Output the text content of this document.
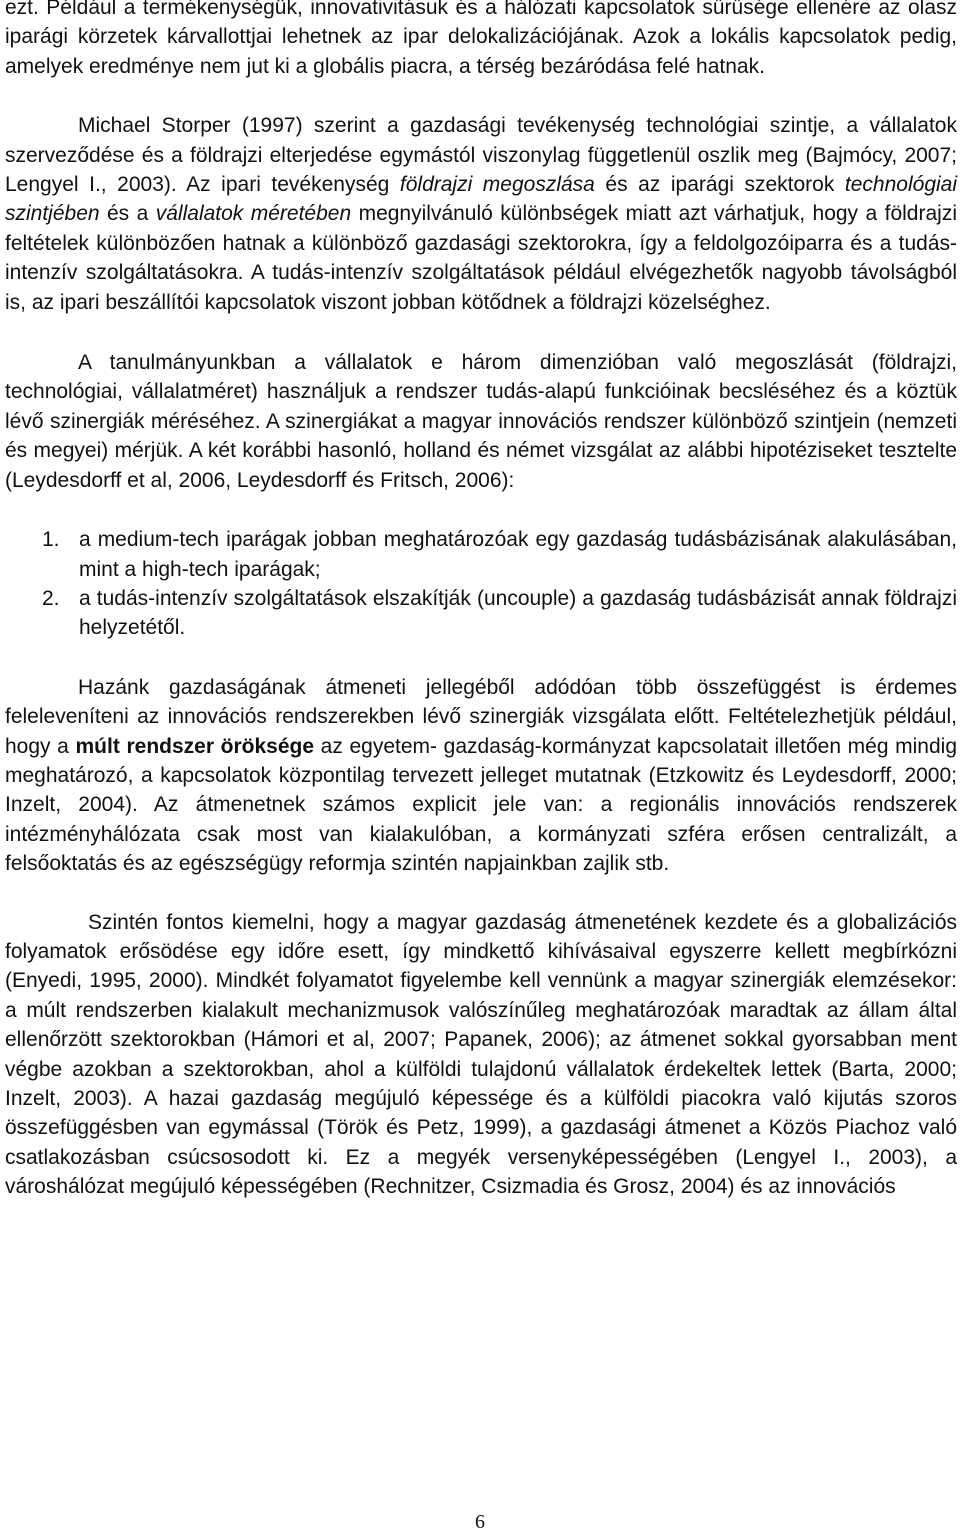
ezt. Például a termékenységük, innovativitásuk és a hálózati kapcsolatok sűrűsége ellenére az olasz iparági körzetek kárvallottjai lehetnek az ipar delokalizációjának. Azok a lokális kapcsolatok pedig, amelyek eredménye nem jut ki a globális piacra, a térség bezáródása felé hatnak.

Michael Storper (1997) szerint a gazdasági tevékenység technológiai szintje, a vállalatok szerveződése és a földrajzi elterjedése egymástól viszonylag függetlenül oszlik meg (Bajmócy, 2007; Lengyel I., 2003). Az ipari tevékenység földrajzi megoszlása és az iparági szektorok technológiai szintjében és a vállalatok méretében megnyilvánuló különbségek miatt azt várhatjuk, hogy a földrajzi feltételek különbözően hatnak a különböző gazdasági szektorokra, így a feldolgozóiparra és a tudás-intenzív szolgáltatásokra. A tudás-intenzív szolgáltatások például elvégezhetők nagyobb távolságból is, az ipari beszállítói kapcsolatok viszont jobban kötődnek a földrajzi közelséghez.

A tanulmányunkban a vállalatok e három dimenzióban való megoszlását (földrajzi, technológiai, vállalatméret) használjuk a rendszer tudás-alapú funkcióinak becsléséhez és a köztük lévő szinergiák méréséhez. A szinergiákat a magyar innovációs rendszer különböző szintjein (nemzeti és megyei) mérjük. A két korábbi hasonló, holland és német vizsgálat az alábbi hipotéziseket tesztelte (Leydesdorff et al, 2006, Leydesdorff és Fritsch, 2006):

1. a medium-tech iparágak jobban meghatározóak egy gazdaság tudásbázisának alakulásában, mint a high-tech iparágak;
2. a tudás-intenzív szolgáltatások elszakítják (uncouple) a gazdaság tudásbázisát annak földrajzi helyzetétől.

Hazánk gazdaságának átmeneti jellegéből adódóan több összefüggést is érdemes feleleveníteni az innovációs rendszerekben lévő szinergiák vizsgálata előtt. Feltételezhetjük például, hogy a múlt rendszer öröksége az egyetem- gazdaság-kormányzat kapcsolatait illetően még mindig meghatározó, a kapcsolatok központilag tervezett jelleget mutatnak (Etzkowitz és Leydesdorff, 2000; Inzelt, 2004). Az átmenetnek számos explicit jele van: a regionális innovációs rendszerek intézményhálózata csak most van kialakulóban, a kormányzati szféra erősen centralizált, a felsőoktatás és az egészségügy reformja szintén napjainkban zajlik stb.

Szintén fontos kiemelni, hogy a magyar gazdaság átmenetének kezdete és a globalizációs folyamatok erősödése egy időre esett, így mindkettő kihívásaival egyszerre kellett megbírkózni (Enyedi, 1995, 2000). Mindkét folyamatot figyelembe kell vennünk a magyar szinergiák elemzésekor: a múlt rendszerben kialakult mechanizmusok valószínűleg meghatározóak maradtak az állam által ellenőrzött szektorokban (Hámori et al, 2007; Papanek, 2006); az átmenet sokkal gyorsabban ment végbe azokban a szektorokban, ahol a külföldi tulajdonú vállalatok érdekeltek lettek (Barta, 2000; Inzelt, 2003). A hazai gazdaság megújuló képessége és a külföldi piacokra való kijutás szoros összefüggésben van egymással (Török és Petz, 1999), a gazdasági átmenet a Közös Piachoz való csatlakozásban csúcsosodott ki. Ez a megyék versenyképességében (Lengyel I., 2003), a városhálózat megújuló képességében (Rechnitzer, Csizmadia és Grosz, 2004) és az innovációs

6
